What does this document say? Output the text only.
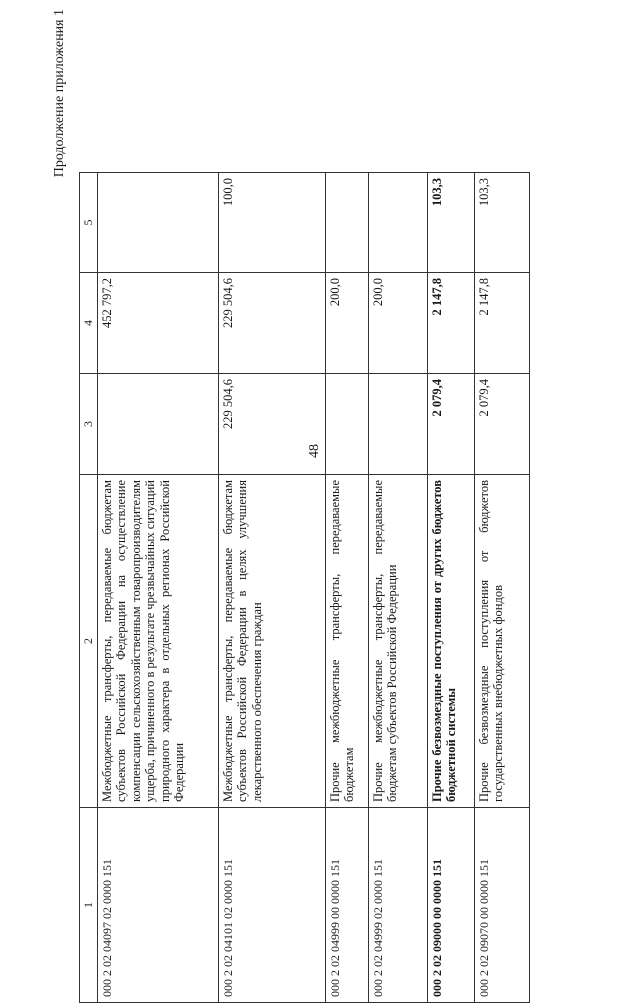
48
Продолжение приложения 1
1	2	3	4	5
000 2 02 04097 02 0000 151	Межбюджетные трансферты, передаваемые бюджетам субъектов Российской Федерации на осуществление компенсации сельскохозяйственным товаропроизводителям ущерба, причиненного в результате чрезвычайных ситуаций природного характера в отдельных регионах Российской Федерации		452 797,2	
000 2 02 04101 02 0000 151	Межбюджетные трансферты, передаваемые бюджетам субъектов Российской Федерации в целях улучшения лекарственного обеспечения граждан	229 504,6	229 504,6	100,0
000 2 02 04999 00 0000 151	Прочие межбюджетные трансферты, передаваемые бюджетам		200,0	
000 2 02 04999 02 0000 151	Прочие межбюджетные трансферты, передаваемые бюджетам субъектов Российской Федерации		200,0	
000 2 02 09000 00 0000 151	Прочие безвозмездные поступления от других бюджетов бюджетной системы	2 079,4	2 147,8	103,3
000 2 02 09070 00 0000 151	Прочие безвозмездные поступления от бюджетов государственных внебюджетных фондов	2 079,4	2 147,8	103,3
